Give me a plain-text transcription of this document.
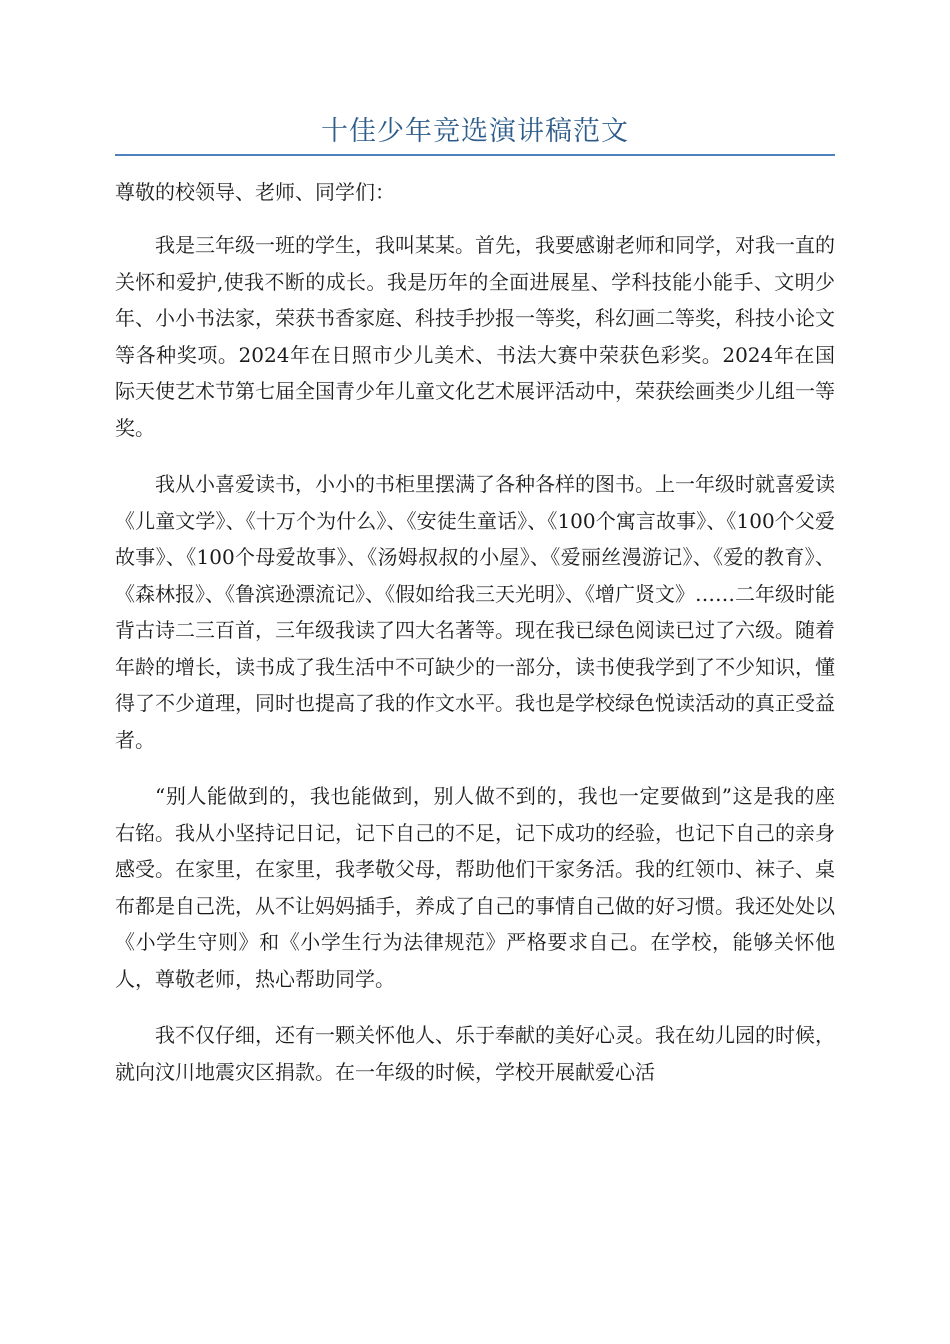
十佳少年竞选演讲稿范文

尊敬的校领导、老师、同学们：

我是三年级一班的学生，我叫某某。首先，我要感谢老师和同学，对我一直的关怀和爱护,使我不断的成长。我是历年的全面进展星、学科技能小能手、文明少年、小小书法家，荣获书香家庭、科技手抄报一等奖，科幻画二等奖，科技小论文等各种奖项。2024年在日照市少儿美术、书法大赛中荣获色彩奖。2024年在国际天使艺术节第七届全国青少年儿童文化艺术展评活动中，荣获绘画类少儿组一等奖。

我从小喜爱读书，小小的书柜里摆满了各种各样的图书。上一年级时就喜爱读《儿童文学》、《十万个为什么》、《安徒生童话》、《100个寓言故事》、《100个父爱故事》、《100个母爱故事》、《汤姆叔叔的小屋》、《爱丽丝漫游记》、《爱的教育》、《森林报》、《鲁滨逊漂流记》、《假如给我三天光明》、《增广贤文》……二年级时能背古诗二三百首，三年级我读了四大名著等。现在我已绿色阅读已过了六级。随着年龄的增长，读书成了我生活中不可缺少的一部分，读书使我学到了不少知识，懂得了不少道理，同时也提高了我的作文水平。我也是学校绿色悦读活动的真正受益者。

“别人能做到的，我也能做到，别人做不到的，我也一定要做到”这是我的座右铭。我从小坚持记日记，记下自己的不足，记下成功的经验，也记下自己的亲身感受。在家里，在家里，我孝敬父母，帮助他们干家务活。我的红领巾、袜子、桌布都是自己洗，从不让妈妈插手，养成了自己的事情自己做的好习惯。我还处处以《小学生守则》和《小学生行为法律规范》严格要求自己。在学校，能够关怀他人，尊敬老师，热心帮助同学。

我不仅仔细，还有一颗关怀他人、乐于奉献的美好心灵。我在幼儿园的时候，就向汶川地震灾区捐款。在一年级的时候，学校开展献爱心活
